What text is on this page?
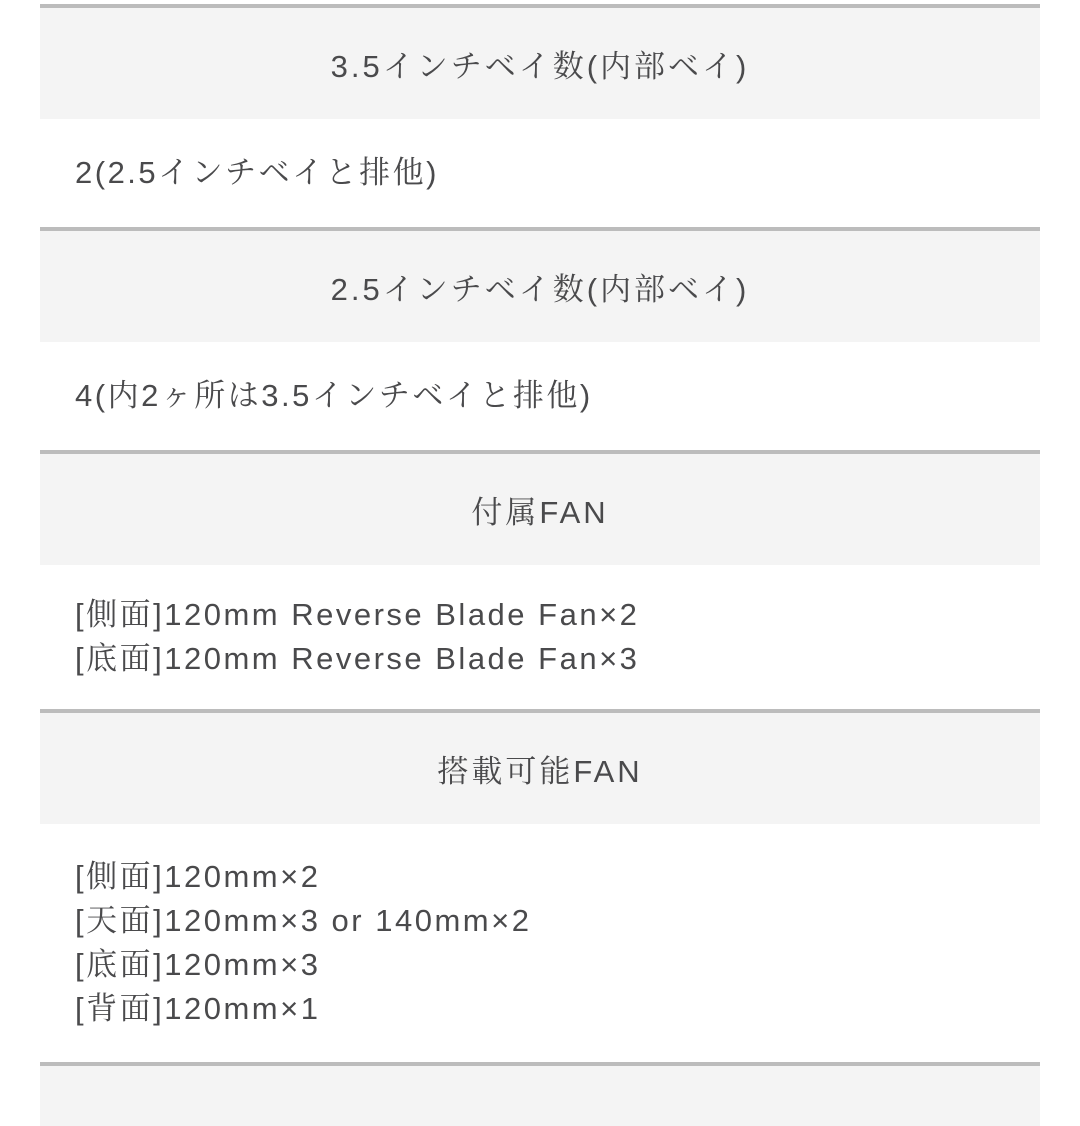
3.5インチベイ数(内部ベイ)
2(2.5インチベイと排他)
2.5インチベイ数(内部ベイ)
4(内2ヶ所は3.5インチベイと排他)
付属FAN
[側面]120mm Reverse Blade Fan×2
[底面]120mm Reverse Blade Fan×3
搭載可能FAN
[側面]120mm×2
[天面]120mm×3 or 140mm×2
[底面]120mm×3
[背面]120mm×1
